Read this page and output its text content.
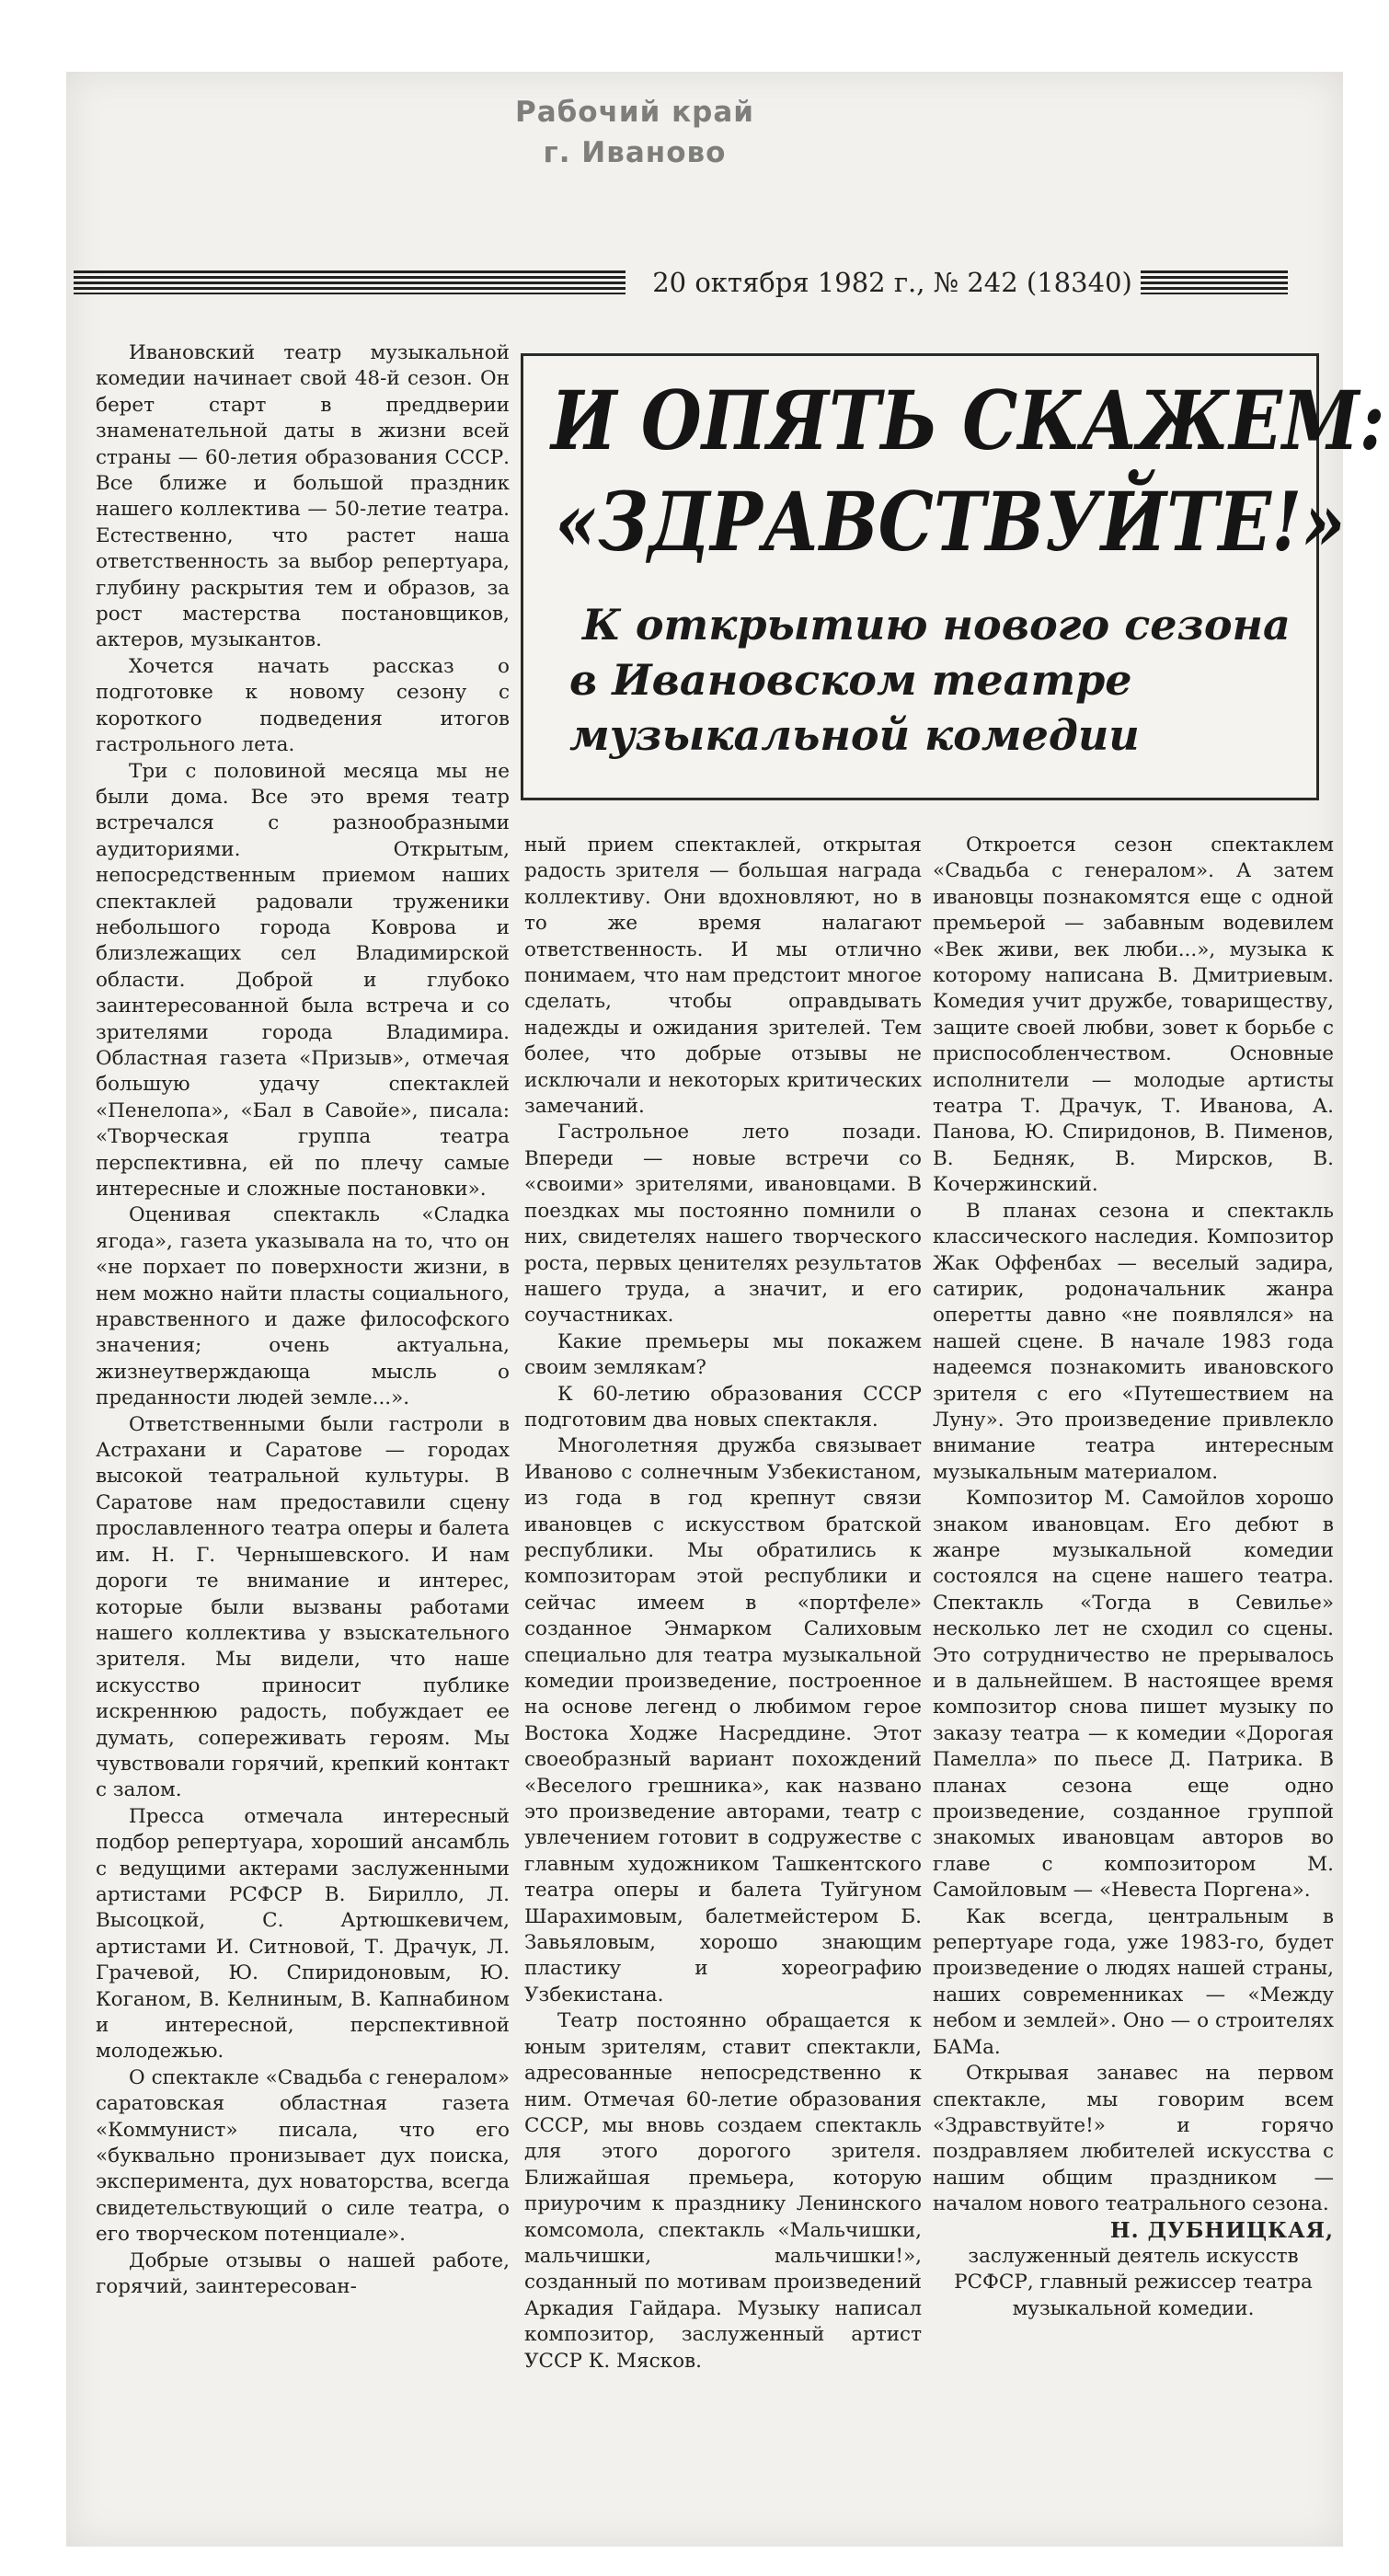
Рабочий край
г. Иваново
20 октября 1982 г., № 242 (18340)
И ОПЯТЬ СКАЖЕМ:
«ЗДРАВСТВУЙТЕ!»
К открытию нового сезона
в Ивановском театре
музыкальной комедии

Ивановский театр музыкальной комедии начинает свой 48-й сезон. Он берет старт в преддверии знаменательной даты в жизни всей страны — 60-летия образования СССР. Все ближе и большой праздник нашего коллектива — 50-летие театра. Естественно, что растет наша ответственность за выбор репертуара, глубину раскрытия тем и образов, за рост мастерства постановщиков, актеров, музыкантов.

Хочется начать рассказ о подготовке к новому сезону с короткого подведения итогов гастрольного лета.

Три с половиной месяца мы не были дома. Все это время театр встречался с разнообразными аудиториями. Открытым, непосредственным приемом наших спектаклей радовали труженики небольшого города Коврова и близлежащих сел Владимирской области. Доброй и глубоко заинтересованной была встреча и со зрителями города Владимира. Областная газета «Призыв», отмечая большую удачу спектаклей «Пенелопа», «Бал в Савойе», писала: «Творческая группа театра перспективна, ей по плечу самые интересные и сложные постановки».

Оценивая спектакль «Сладка ягода», газета указывала на то, что он «не порхает по поверхности жизни, в нем можно найти пласты социального, нравственного и даже философского значения; очень актуальна, жизнеутверждающа мысль о преданности людей земле...».

Ответственными были гастроли в Астрахани и Саратове — городах высокой театральной культуры. В Саратове нам предоставили сцену прославленного театра оперы и балета им. Н. Г. Чернышевского. И нам дороги те внимание и интерес, которые были вызваны работами нашего коллектива у взыскательного зрителя. Мы видели, что наше искусство приносит публике искреннюю радость, побуждает ее думать, сопереживать героям. Мы чувствовали горячий, крепкий контакт с залом.

Пресса отмечала интересный подбор репертуара, хороший ансамбль с ведущими актерами заслуженными артистами РСФСР В. Бирилло, Л. Высоцкой, С. Артюшкевичем, артистами И. Ситновой, Т. Драчук, Л. Грачевой, Ю. Спиридоновым, Ю. Коганом, В. Келниным, В. Капнабином и интересной, перспективной молодежью.

О спектакле «Свадьба с генералом» саратовская областная газета «Коммунист» писала, что его «буквально пронизывает дух поиска, эксперимента, дух новаторства, всегда свидетельствующий о силе театра, о его творческом потенциале».

Добрые отзывы о нашей работе, горячий, заинтересован-

ный прием спектаклей, открытая радость зрителя — большая награда коллективу. Они вдохновляют, но в то же время налагают ответственность. И мы отлично понимаем, что нам предстоит многое сделать, чтобы оправдывать надежды и ожидания зрителей. Тем более, что добрые отзывы не исключали и некоторых критических замечаний.

Гастрольное лето позади. Впереди — новые встречи со «своими» зрителями, ивановцами. В поездках мы постоянно помнили о них, свидетелях нашего творческого роста, первых ценителях результатов нашего труда, а значит, и его соучастниках.

Какие премьеры мы покажем своим землякам?

К 60-летию образования СССР подготовим два новых спектакля.

Многолетняя дружба связывает Иваново с солнечным Узбекистаном, из года в год крепнут связи ивановцев с искусством братской республики. Мы обратились к композиторам этой республики и сейчас имеем в «портфеле» созданное Энмарком Салиховым специально для театра музыкальной комедии произведение, построенное на основе легенд о любимом герое Востока Ходже Насреддине. Этот своеобразный вариант похождений «Веселого грешника», как названо это произведение авторами, театр с увлечением готовит в содружестве с главным художником Ташкентского театра оперы и балета Туйгуном Шарахимовым, балетмейстером Б. Завьяловым, хорошо знающим пластику и хореографию Узбекистана.

Театр постоянно обращается к юным зрителям, ставит спектакли, адресованные непосредственно к ним. Отмечая 60-летие образования СССР, мы вновь создаем спектакль для этого дорогого зрителя. Ближайшая премьера, которую приурочим к празднику Ленинского комсомола, спектакль «Мальчишки, мальчишки, мальчишки!», созданный по мотивам произведений Аркадия Гайдара. Музыку написал композитор, заслуженный артист УССР К. Мясков.

Откроется сезон спектаклем «Свадьба с генералом». А затем ивановцы познакомятся еще с одной премьерой — забавным водевилем «Век живи, век люби...», музыка к которому написана В. Дмитриевым. Комедия учит дружбе, товариществу, защите своей любви, зовет к борьбе с приспособленчеством. Основные исполнители — молодые артисты театра Т. Драчук, Т. Иванова, А. Панова, Ю. Спиридонов, В. Пименов, В. Бедняк, В. Мирсков, В. Кочержинский.

В планах сезона и спектакль классического наследия. Композитор Жак Оффенбах — веселый задира, сатирик, родоначальник жанра оперетты давно «не появлялся» на нашей сцене. В начале 1983 года надеемся познакомить ивановского зрителя с его «Путешествием на Луну». Это произведение привлекло внимание театра интересным музыкальным материалом.

Композитор М. Самойлов хорошо знаком ивановцам. Его дебют в жанре музыкальной комедии состоялся на сцене нашего театра. Спектакль «Тогда в Севилье» несколько лет не сходил со сцены. Это сотрудничество не прерывалось и в дальнейшем. В настоящее время композитор снова пишет музыку по заказу театра — к комедии «Дорогая Памелла» по пьесе Д. Патрика. В планах сезона еще одно произведение, созданное группой знакомых ивановцам авторов во главе с композитором М. Самойловым — «Невеста Поргена».

Как всегда, центральным в репертуаре года, уже 1983-го, будет произведение о людях нашей страны, наших современниках — «Между небом и землей». Оно — о строителях БАМа.

Открывая занавес на первом спектакле, мы говорим всем «Здравствуйте!» и горячо поздравляем любителей искусства с нашим общим праздником — началом нового театрального сезона.

Н. ДУБНИЦКАЯ,

заслуженный деятель искусств РСФСР, главный режиссер театра музыкальной комедии.
